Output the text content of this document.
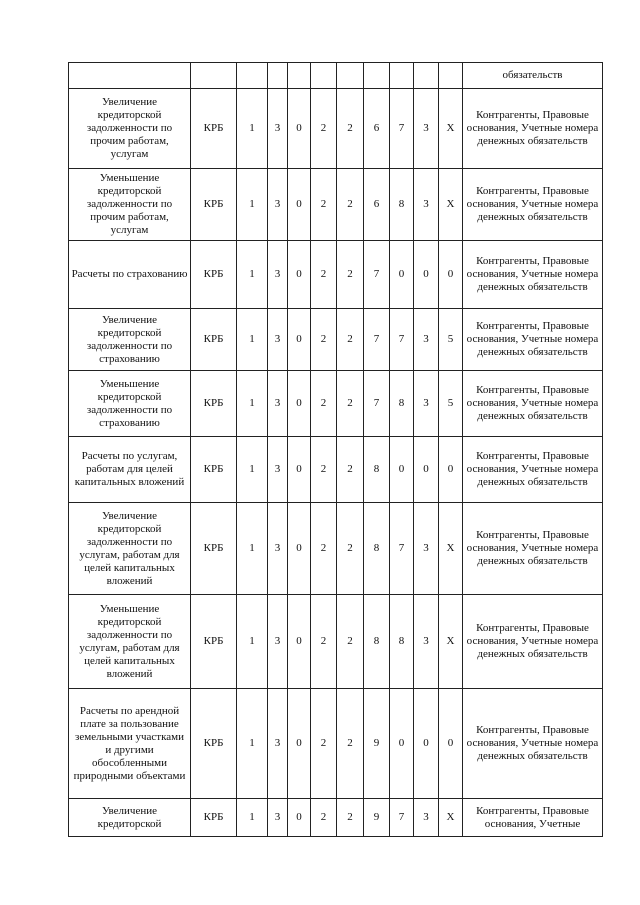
											обязательств
Увеличение кредиторской задолженности по прочим работам, услугам	КРБ	1	3	0	2	2	6	7	3	X	Контрагенты, Правовые основания, Учетные номера денежных обязательств
Уменьшение кредиторской задолженности по прочим работам, услугам	КРБ	1	3	0	2	2	6	8	3	X	Контрагенты, Правовые основания, Учетные номера денежных обязательств
Расчеты по страхованию	КРБ	1	3	0	2	2	7	0	0	0	Контрагенты, Правовые основания, Учетные номера денежных обязательств
Увеличение кредиторской задолженности по страхованию	КРБ	1	3	0	2	2	7	7	3	5	Контрагенты, Правовые основания, Учетные номера денежных обязательств
Уменьшение кредиторской задолженности по страхованию	КРБ	1	3	0	2	2	7	8	3	5	Контрагенты, Правовые основания, Учетные номера денежных обязательств
Расчеты по услугам, работам для целей капитальных вложений	КРБ	1	3	0	2	2	8	0	0	0	Контрагенты, Правовые основания, Учетные номера денежных обязательств
Увеличение кредиторской задолженности по услугам, работам для целей капитальных вложений	КРБ	1	3	0	2	2	8	7	3	X	Контрагенты, Правовые основания, Учетные номера денежных обязательств
Уменьшение кредиторской задолженности по услугам, работам для целей капитальных вложений	КРБ	1	3	0	2	2	8	8	3	X	Контрагенты, Правовые основания, Учетные номера денежных обязательств
Расчеты по арендной плате за пользование земельными участками и другими обособленными природными объектами	КРБ	1	3	0	2	2	9	0	0	0	Контрагенты, Правовые основания, Учетные номера денежных обязательств
Увеличение кредиторской	КРБ	1	3	0	2	2	9	7	3	X	Контрагенты, Правовые основания, Учетные
